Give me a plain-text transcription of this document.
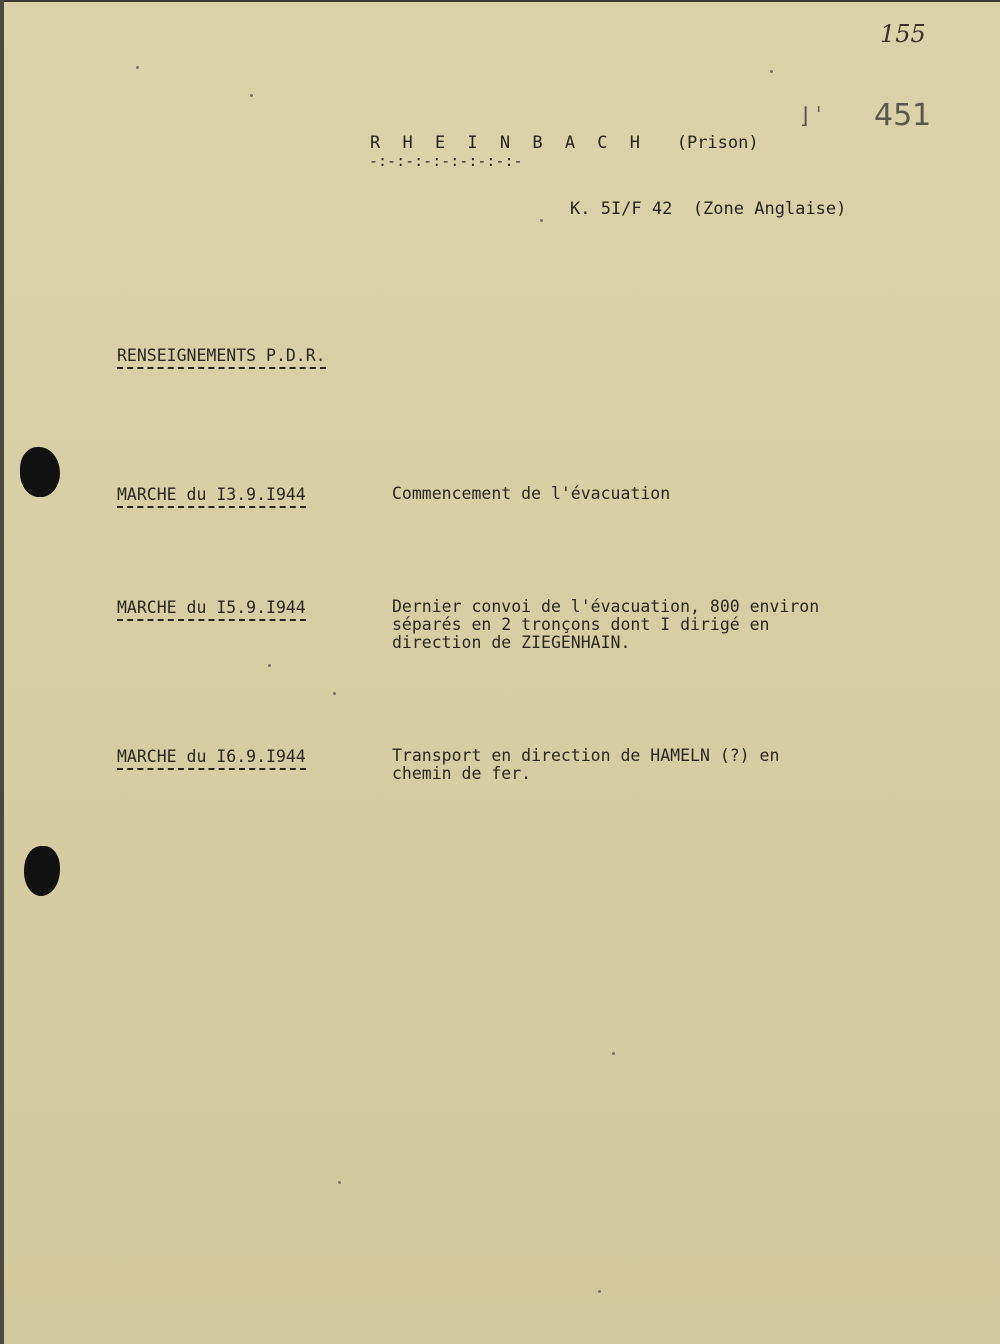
155
⌋ ˈ 451
R H E I N B A C H (Prison)
-:-:-:-:-:-:-:-:-
K. 5I/F 42  (Zone Anglaise)
RENSEIGNEMENTS P.D.R.
MARCHE du I3.9.I944	Commencement de l'évacuation
MARCHE du I5.9.I944	Dernier convoi de l'évacuation, 800 environ
séparés en 2 tronçons dont I dirigé en
direction de ZIEGENHAIN.
MARCHE du I6.9.I944	Transport en direction de HAMELN (?) en
chemin de fer.
